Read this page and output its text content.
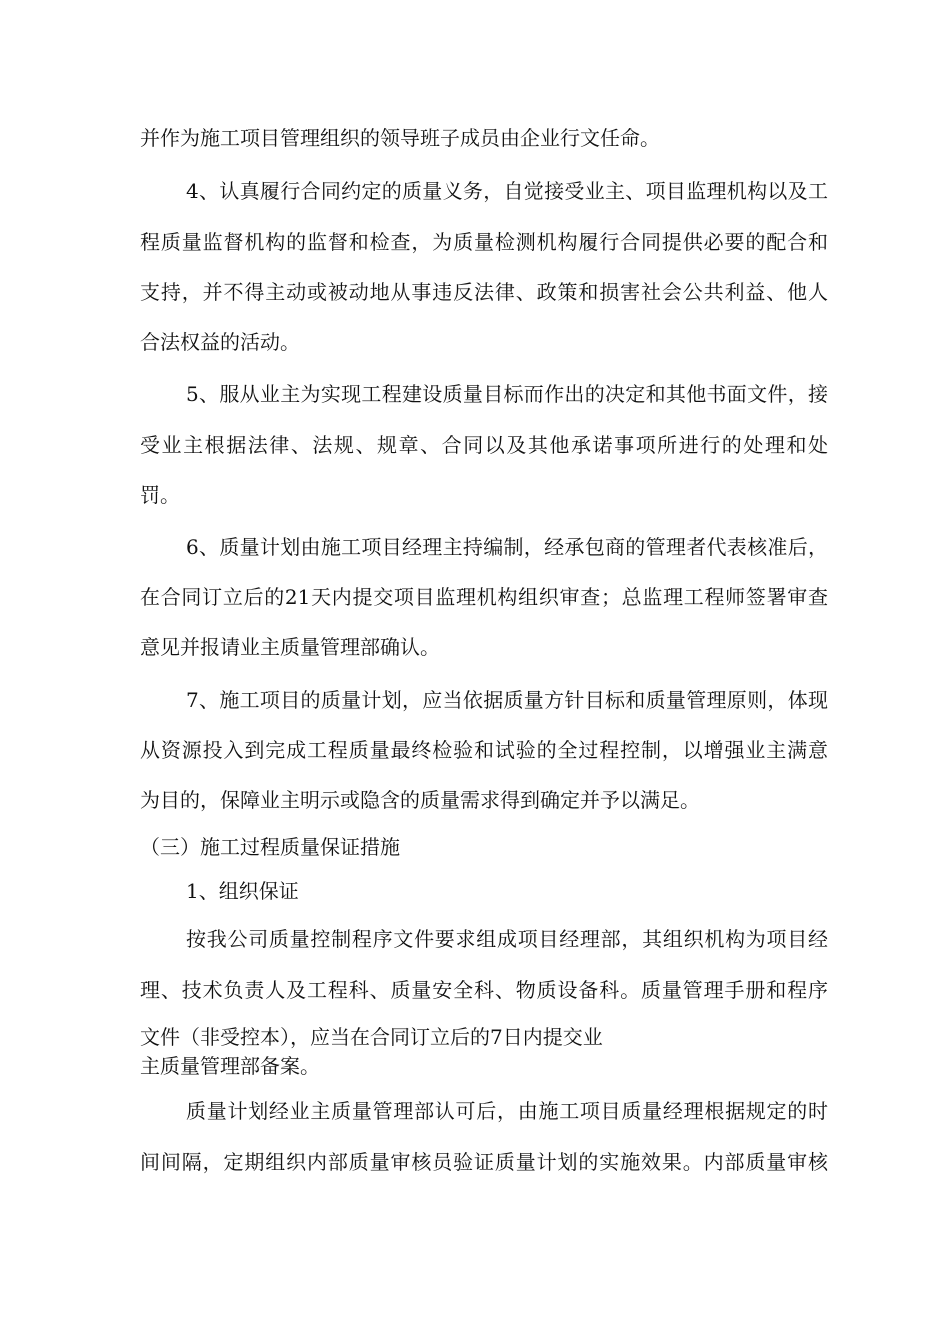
并作为施工项目管理组织的领导班子成员由企业行文任命。

4、认真履行合同约定的质量义务，自觉接受业主、项目监理机构以及工

程质量监督机构的监督和检查，为质量检测机构履行合同提供必要的配合和

支持，并不得主动或被动地从事违反法律、政策和损害社会公共利益、他人

合法权益的活动。

5、服从业主为实现工程建设质量目标而作出的决定和其他书面文件，接

受业主根据法律、法规、规章、合同以及其他承诺事项所进行的处理和处

罚。

6、质量计划由施工项目经理主持编制，经承包商的管理者代表核准后，

在合同订立后的21天内提交项目监理机构组织审查；总监理工程师签署审查

意见并报请业主质量管理部确认。

7、施工项目的质量计划，应当依据质量方针目标和质量管理原则，体现

从资源投入到完成工程质量最终检验和试验的全过程控制，以增强业主满意

为目的，保障业主明示或隐含的质量需求得到确定并予以满足。

（三）施工过程质量保证措施

1、组织保证

按我公司质量控制程序文件要求组成项目经理部，其组织机构为项目经

理、技术负责人及工程科、质量安全科、物质设备科。质量管理手册和程序

文件（非受控本），应当在合同订立后的7日内提交业

主质量管理部备案。

质量计划经业主质量管理部认可后，由施工项目质量经理根据规定的时

间间隔，定期组织内部质量审核员验证质量计划的实施效果。内部质量审核
